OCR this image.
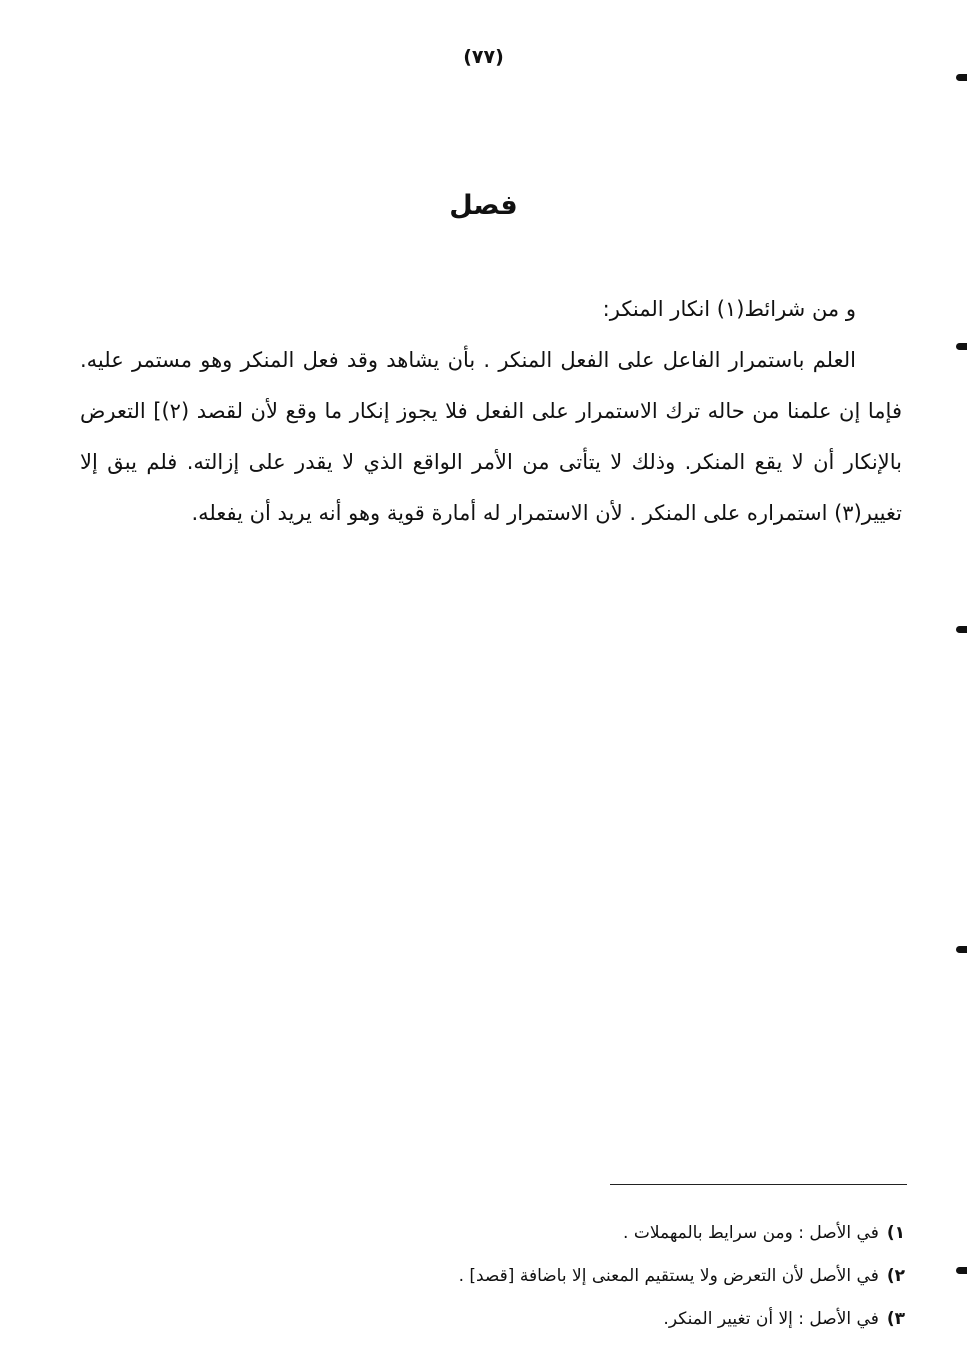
(٧٧)
فصل
و من شرائط(١) انكار المنكر:
العلم باستمرار الفاعل على الفعل المنكر . بأن يشاهد وقد فعل المنكر وهو مستمر عليه. فإما إن علمنا من حاله ترك الاستمرار على الفعل فلا يجوز إنكار ما وقع لأن لقصد (٢)] التعرض بالإنكار أن لا يقع المنكر. وذلك لا يتأتى من الأمر الواقع الذي لا يقدر على إزالته. فلم يبق إلا تغيير(٣) استمراره على المنكر . لأن الاستمرار له أمارة قوية وهو أنه يريد أن يفعله.
١)في الأصل : ومن سرايط بالمهملات .
٢)في الأصل لأن التعرض ولا يستقيم المعنى إلا باضافة [قصد] .
٣)في الأصل : إلا أن تغيير المنكر.
